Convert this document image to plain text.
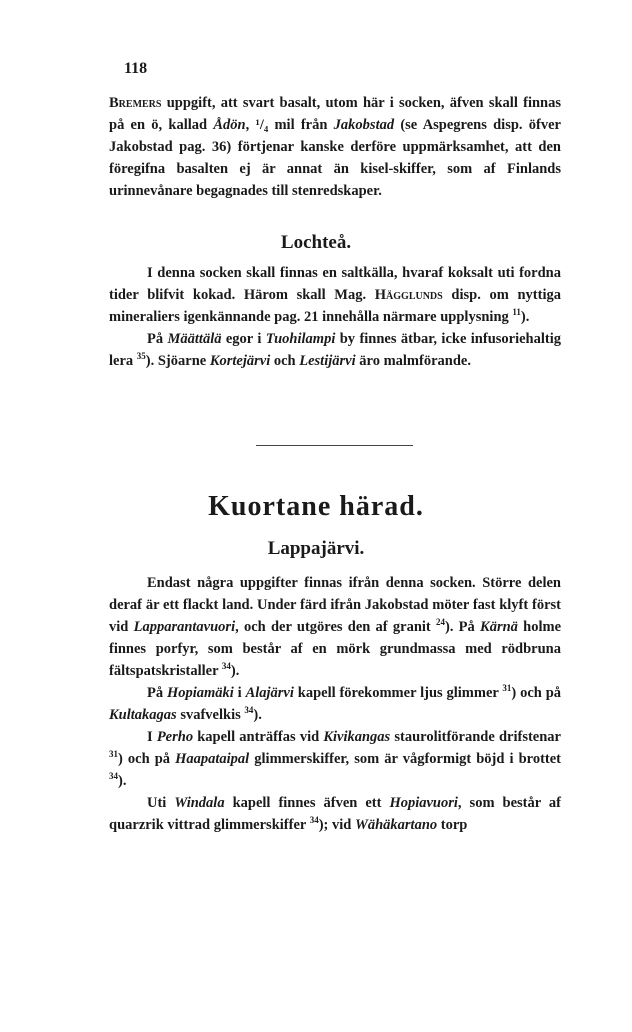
118

Bremers uppgift, att svart basalt, utom här i socken, äfven skall finnas på en ö, kallad Ådön, ¹/₄ mil från Jakobstad (se Aspegrens disp. öfver Jakobstad pag. 36) förtjenar kanske derföre uppmärksamhet, att den föregifna basalten ej är annat än kisel-skiffer, som af Finlands urinnevånare begagnades till stenredskaper.

Lochteå.

I denna socken skall finnas en saltkälla, hvaraf koksalt uti fordna tider blifvit kokad. Härom skall Mag. Hägglunds disp. om nyttiga mineraliers igenkännande pag. 21 innehålla närmare upplysning $^{11}$).

På Määttälä egor i Tuohilampi by finnes ätbar, icke infusoriehaltig lera $^{35}$). Sjöarne Kortejärvi och Lestijärvi äro malmförande.

Kuortane härad.
Lappajärvi.

Endast några uppgifter finnas ifrån denna socken. Större delen deraf är ett flackt land. Under färd ifrån Jakobstad möter fast klyft först vid Lapparantavuori, och der utgöres den af granit $^{24}$). På Kärnä holme finnes porfyr, som består af en mörk grundmassa med rödbruna fältspatskristaller $^{34}$).

På Hopiamäki i Alajärvi kapell förekommer ljus glimmer $^{31}$) och på Kultakagas svafvelkis $^{34}$).

I Perho kapell anträffas vid Kivikangas staurolitförande drifstenar $^{31}$) och på Haapataipal glimmerskiffer, som är vågformigt böjd i brottet $^{34}$).

Uti Windala kapell finnes äfven ett Hopiavuori, som består af quarzrik vittrad glimmerskiffer $^{34}$); vid Wähäkartano torp
